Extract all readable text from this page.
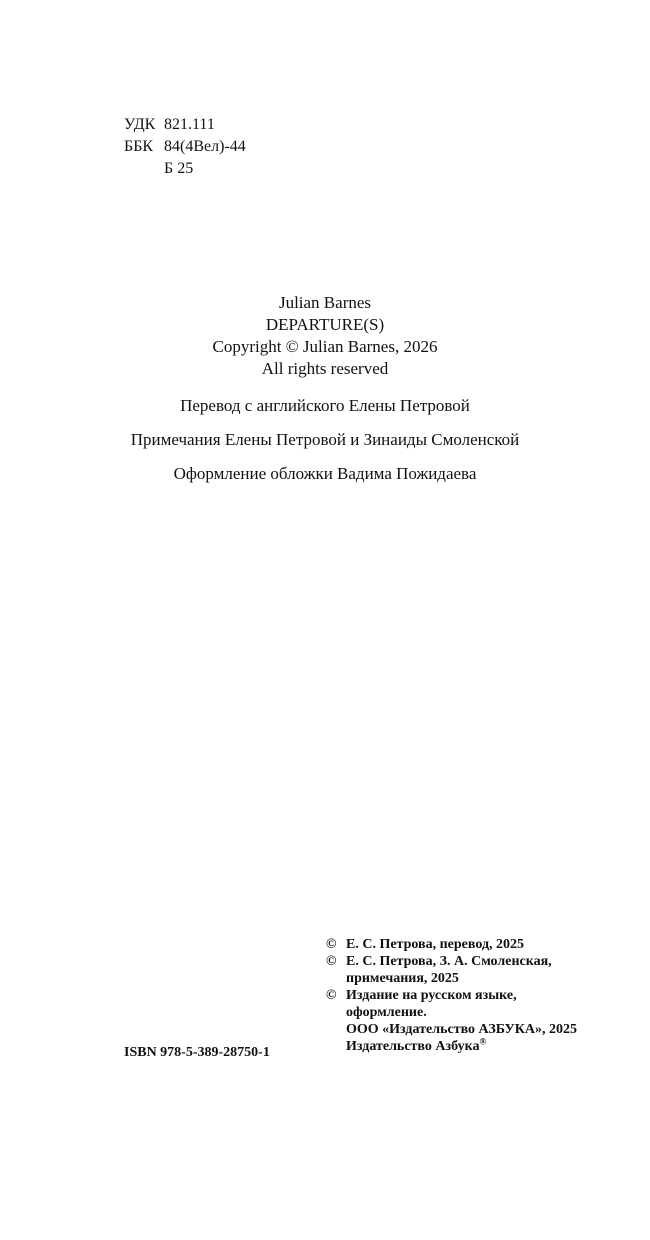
УДК 821.111
ББК 84(4Вел)-44
Б 25
Julian Barnes
DEPARTURE(S)
Copyright © Julian Barnes, 2026
All rights reserved
Перевод с английского Елены Петровой
Примечания Елены Петровой и Зинаиды Смоленской
Оформление обложки Вадима Пожидаева
ISBN 978-5-389-28750-1
© Е. С. Петрова, перевод, 2025
© Е. С. Петрова, З. А. Смоленская,
примечания, 2025
© Издание на русском языке,
оформление.
ООО «Издательство АЗБУКА», 2025
Издательство Азбука®
